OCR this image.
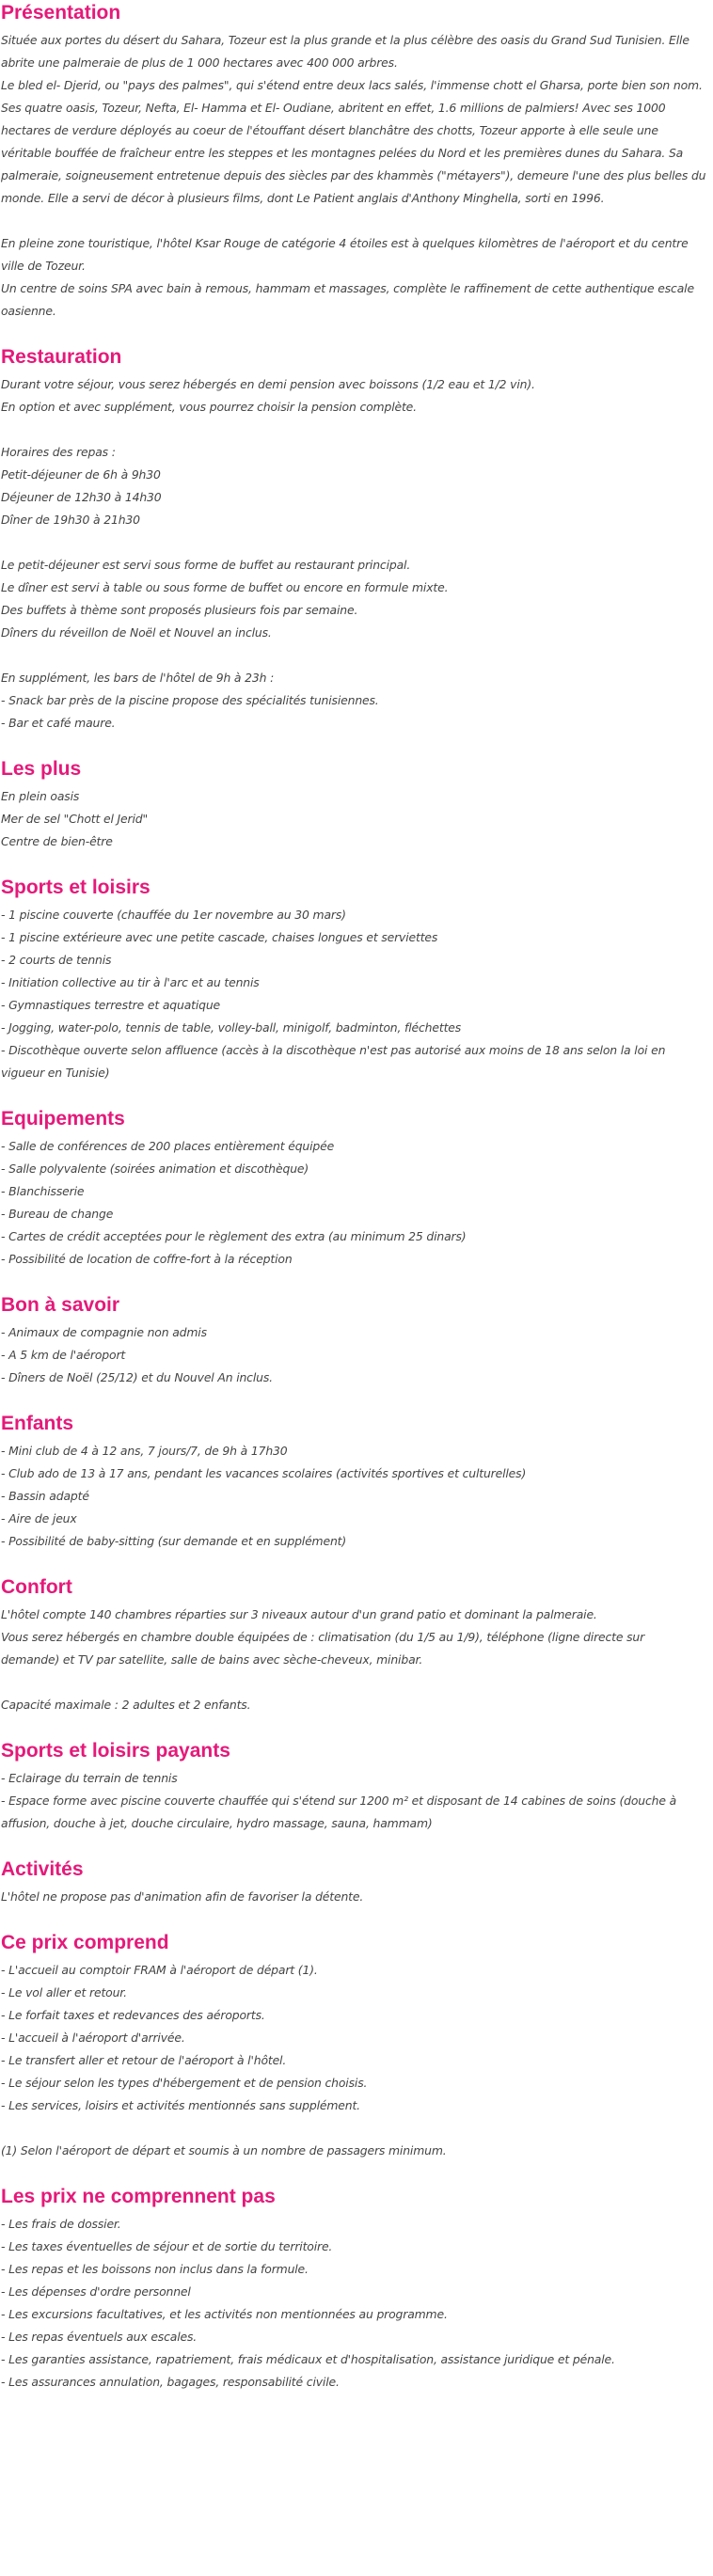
Présentation
Située aux portes du désert du Sahara, Tozeur est la plus grande et la plus célèbre des oasis du Grand Sud Tunisien. Elle
abrite une palmeraie de plus de 1 000 hectares avec 400 000 arbres.
Le bled el- Djerid, ou "pays des palmes", qui s'étend entre deux lacs salés, l'immense chott el Gharsa, porte bien son nom.
Ses quatre oasis, Tozeur, Nefta, El- Hamma et El- Oudiane, abritent en effet, 1.6 millions de palmiers! Avec ses 1000
hectares de verdure déployés au coeur de l'étouffant désert blanchâtre des chotts, Tozeur apporte à elle seule une
véritable bouffée de fraîcheur entre les steppes et les montagnes pelées du Nord et les premières dunes du Sahara. Sa
palmeraie, soigneusement entretenue depuis des siècles par des khammès ("métayers"), demeure l'une des plus belles du
monde. Elle a servi de décor à plusieurs films, dont Le Patient anglais d'Anthony Minghella, sorti en 1996.
En pleine zone touristique, l'hôtel Ksar Rouge de catégorie 4 étoiles est à quelques kilomètres de l'aéroport et du centre
ville de Tozeur.
Un centre de soins SPA avec bain à remous, hammam et massages, complète le raffinement de cette authentique escale
oasienne.
Restauration
Durant votre séjour, vous serez hébergés en demi pension avec boissons (1/2 eau et 1/2 vin).
En option et avec supplément, vous pourrez choisir la pension complète.
Horaires des repas :
Petit-déjeuner de 6h à 9h30
Déjeuner de 12h30 à 14h30
Dîner de 19h30 à 21h30
Le petit-déjeuner est servi sous forme de buffet au restaurant principal.
Le dîner est servi à table ou sous forme de buffet ou encore en formule mixte.
Des buffets à thème sont proposés plusieurs fois par semaine.
Dîners du réveillon de Noël et Nouvel an inclus.
En supplément, les bars de l'hôtel de 9h à 23h :
- Snack bar près de la piscine propose des spécialités tunisiennes.
- Bar et café maure.
Les plus
En plein oasis
Mer de sel "Chott el Jerid"
Centre de bien-être
Sports et loisirs
- 1 piscine couverte (chauffée du 1er novembre au 30 mars)
- 1 piscine extérieure avec une petite cascade, chaises longues et serviettes
- 2 courts de tennis
- Initiation collective au tir à l'arc et au tennis
- Gymnastiques terrestre et aquatique
- Jogging, water-polo, tennis de table, volley-ball, minigolf, badminton, fléchettes
- Discothèque ouverte selon affluence (accès à la discothèque n'est pas autorisé aux moins de 18 ans selon la loi en
vigueur en Tunisie)
Equipements
- Salle de conférences de 200 places entièrement équipée
- Salle polyvalente (soirées animation et discothèque)
- Blanchisserie
- Bureau de change
- Cartes de crédit acceptées pour le règlement des extra (au minimum 25 dinars)
- Possibilité de location de coffre-fort à la réception
Bon à savoir
- Animaux de compagnie non admis
- A 5 km de l'aéroport
- Dîners de Noël (25/12) et du Nouvel An inclus.
Enfants
- Mini club de 4 à 12 ans, 7 jours/7, de 9h à 17h30
- Club ado de 13 à 17 ans, pendant les vacances scolaires (activités sportives et culturelles)
- Bassin adapté
- Aire de jeux
- Possibilité de baby-sitting (sur demande et en supplément)
Confort
L'hôtel compte 140 chambres réparties sur 3 niveaux autour d'un grand patio et dominant la palmeraie.
Vous serez hébergés en chambre double équipées de : climatisation (du 1/5 au 1/9), téléphone (ligne directe sur
demande) et TV par satellite, salle de bains avec sèche-cheveux, minibar.
Capacité maximale : 2 adultes et 2 enfants.
Sports et loisirs payants
- Eclairage du terrain de tennis
- Espace forme avec piscine couverte chauffée qui s'étend sur 1200 m² et disposant de 14 cabines de soins (douche à
affusion, douche à jet, douche circulaire, hydro massage, sauna, hammam)
Activités
L'hôtel ne propose pas d'animation afin de favoriser la détente.
Ce prix comprend
- L'accueil au comptoir FRAM à l'aéroport de départ (1).
- Le vol aller et retour.
- Le forfait taxes et redevances des aéroports.
- L'accueil à l'aéroport d'arrivée.
- Le transfert aller et retour de l'aéroport à l'hôtel.
- Le séjour selon les types d'hébergement et de pension choisis.
- Les services, loisirs et activités mentionnés sans supplément.
(1) Selon l'aéroport de départ et soumis à un nombre de passagers minimum.
Les prix ne comprennent pas
- Les frais de dossier.
- Les taxes éventuelles de séjour et de sortie du territoire.
- Les repas et les boissons non inclus dans la formule.
- Les dépenses d'ordre personnel
- Les excursions facultatives, et les activités non mentionnées au programme.
- Les repas éventuels aux escales.
- Les garanties assistance, rapatriement, frais médicaux et d'hospitalisation, assistance juridique et pénale.
- Les assurances annulation, bagages, responsabilité civile.
